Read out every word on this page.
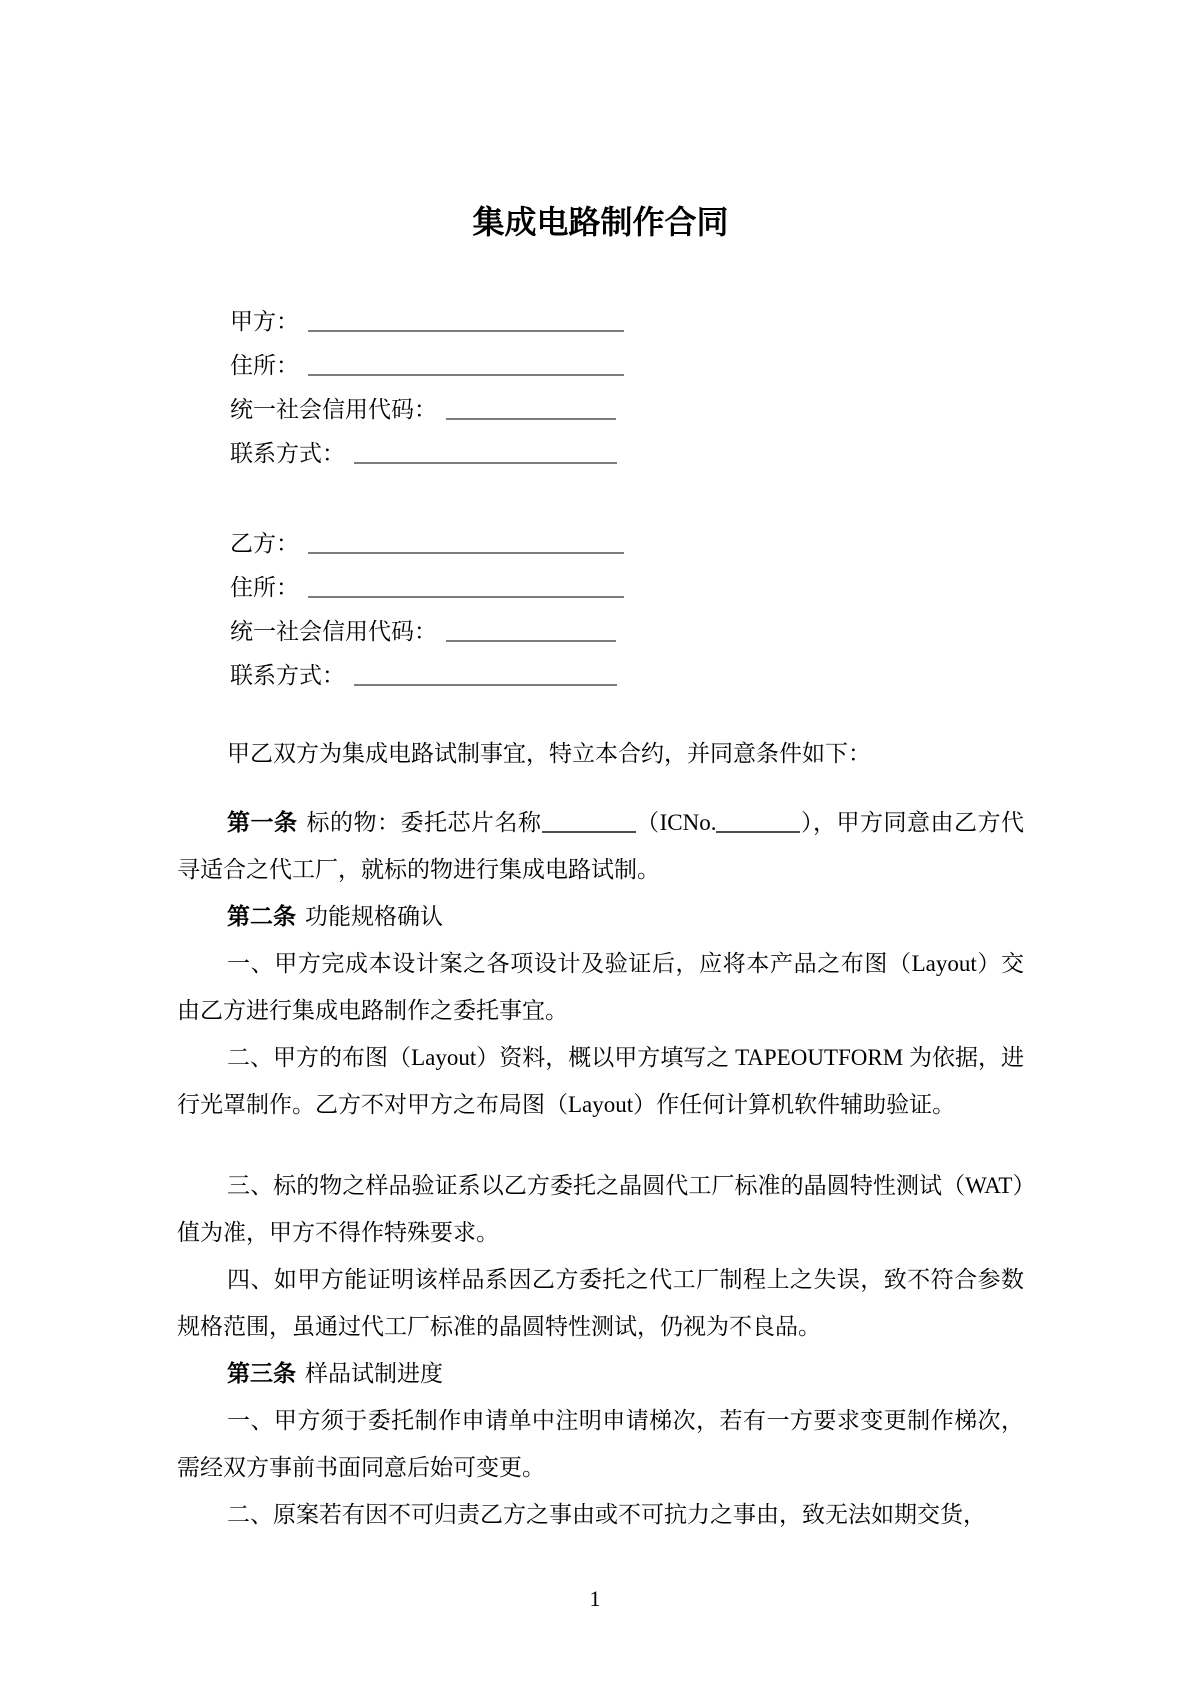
集成电路制作合同
甲方：
住所：
统一社会信用代码：
联系方式：
乙方：
住所：
统一社会信用代码：
联系方式：

甲乙双方为集成电路试制事宜，特立本合约，并同意条件如下：

第一条 标的物：委托芯片名称	（ICNo.	），甲方同意由乙方代寻适合之代工厂，就标的物进行集成电路试制。

第二条 功能规格确认

一、甲方完成本设计案之各项设计及验证后，应将本产品之布图（Layout）交由乙方进行集成电路制作之委托事宜。

二、甲方的布图（Layout）资料，概以甲方填写之 TAPEOUTFORM 为依据，进行光罩制作。乙方不对甲方之布局图（Layout）作任何计算机软件辅助验证。

三、标的物之样品验证系以乙方委托之晶圆代工厂标准的晶圆特性测试（WAT）值为准，甲方不得作特殊要求。

四、如甲方能证明该样品系因乙方委托之代工厂制程上之失误，致不符合参数规格范围，虽通过代工厂标准的晶圆特性测试，仍视为不良品。

第三条 样品试制进度

一、甲方须于委托制作申请单中注明申请梯次，若有一方要求变更制作梯次，需经双方事前书面同意后始可变更。

二、原案若有因不可归责乙方之事由或不可抗力之事由，致无法如期交货，

1
